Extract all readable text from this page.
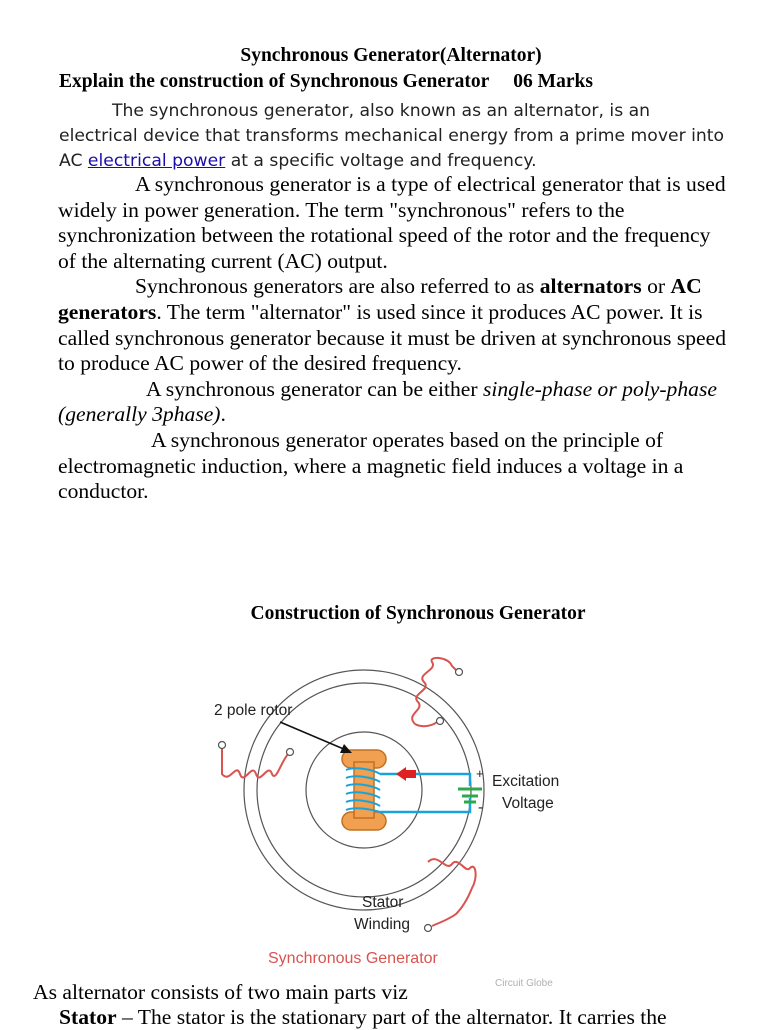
Synchronous Generator(Alternator)
Explain the construction of Synchronous Generator 06 Marks
The synchronous generator, also known as an alternator, is an electrical device that transforms mechanical energy from a prime mover into AC electrical power at a specific voltage and frequency.

A synchronous generator is a type of electrical generator that is used widely in power generation. The term "synchronous" refers to the synchronization between the rotational speed of the rotor and the frequency of the alternating current (AC) output.

Synchronous generators are also referred to as alternators or AC generators. The term "alternator" is used since it produces AC power. It is called synchronous generator because it must be driven at synchronous speed to produce AC power of the desired frequency.

A synchronous generator can be either single-phase or poly-phase (generally 3phase).

A synchronous generator operates based on the principle of electromagnetic induction, where a magnetic field induces a voltage in a conductor.

Construction of Synchronous Generator
+
-
Excitation
Voltage
2 pole rotor
Stator
Winding
Synchronous Generator
Circuit Globe
As alternator consists of two main parts viz
Stator – The stator is the stationary part of the alternator. It carries the
